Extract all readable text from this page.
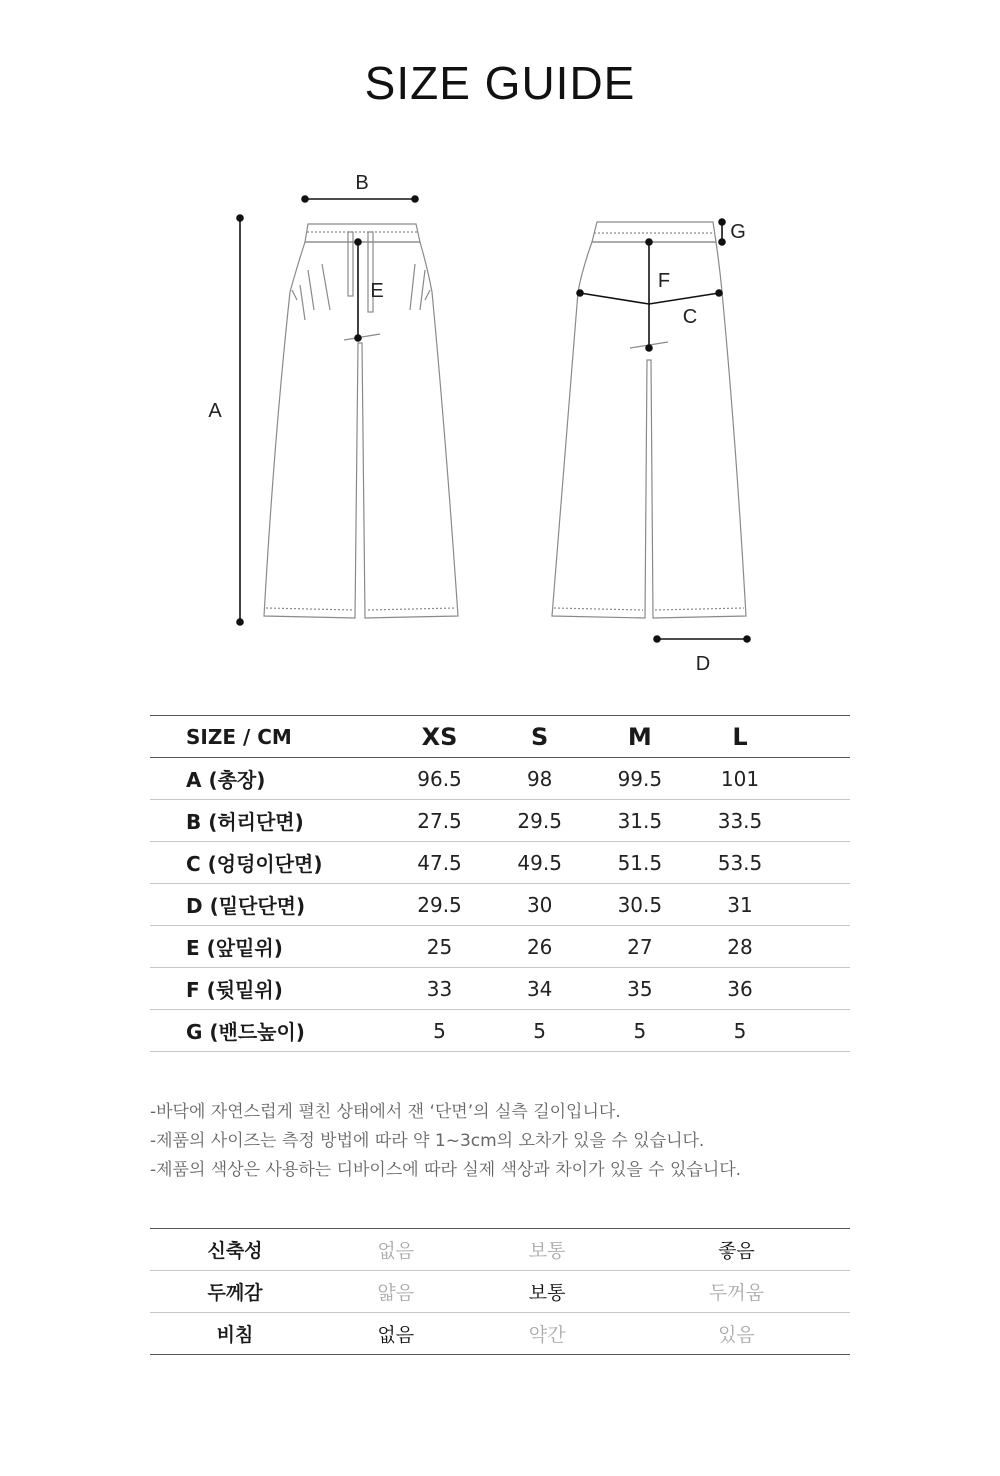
SIZE GUIDE
B
A
E
G
F
C
D
SIZE / CM	XS	S	M	L	
A (총장)	96.5	98	99.5	101	
B (허리단면)	27.5	29.5	31.5	33.5	
C (엉덩이단면)	47.5	49.5	51.5	53.5	
D (밑단단면)	29.5	30	30.5	31	
E (앞밑위)	25	26	27	28	
F (뒷밑위)	33	34	35	36	
G (밴드높이)	5	5	5	5	

-바닥에 자연스럽게 펼친 상태에서 잰 ‘단면’의 실측 길이입니다.

-제품의 사이즈는 측정 방법에 따라 약 1~3cm의 오차가 있을 수 있습니다.

-제품의 색상은 사용하는 디바이스에 따라 실제 색상과 차이가 있을 수 있습니다.

신축성	없음	보통	좋음
두께감	얇음	보통	두꺼움
비침	없음	약간	있음
